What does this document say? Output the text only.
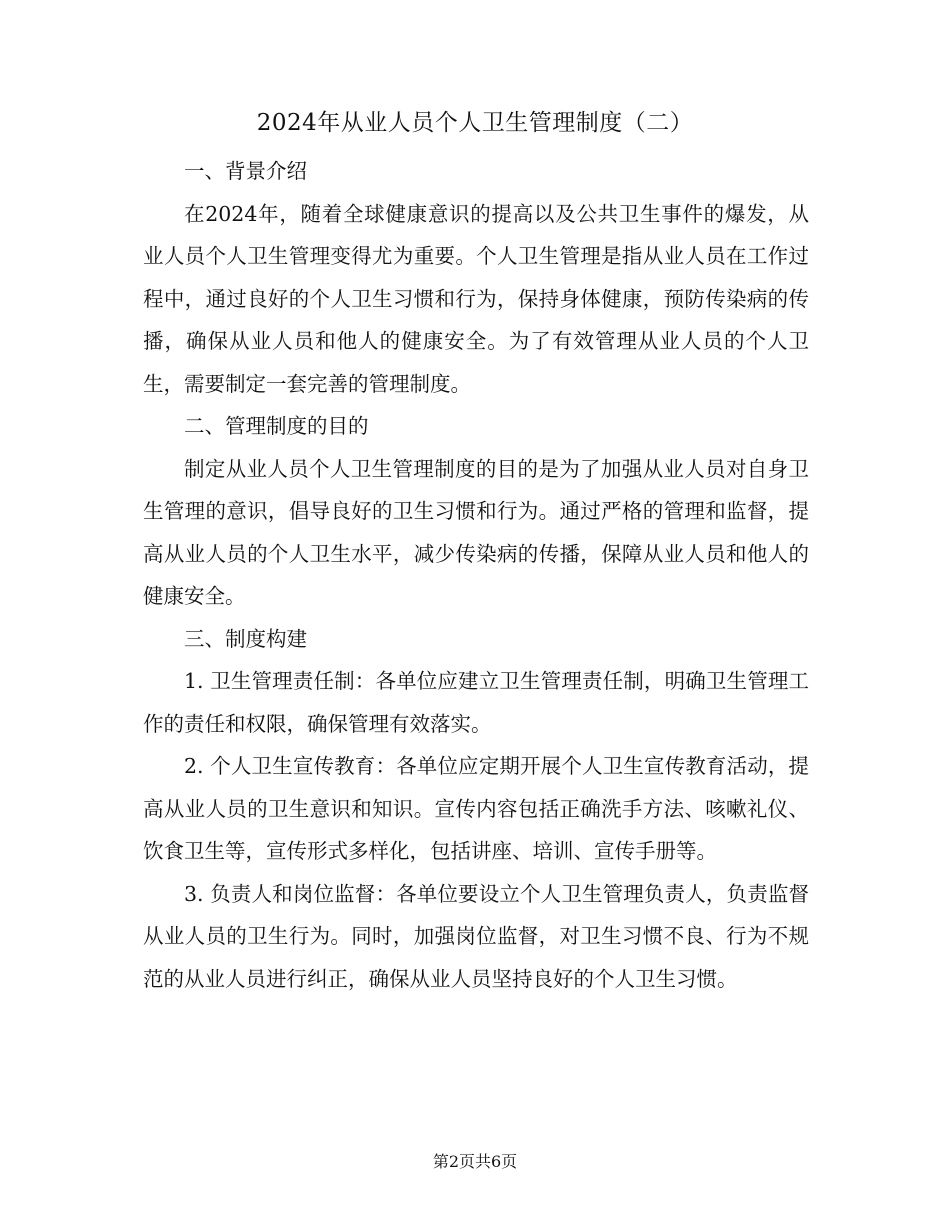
2024年从业人员个人卫生管理制度（二）

一、背景介绍

在2024年，随着全球健康意识的提高以及公共卫生事件的爆发，从业人员个人卫生管理变得尤为重要。个人卫生管理是指从业人员在工作过程中，通过良好的个人卫生习惯和行为，保持身体健康，预防传染病的传播，确保从业人员和他人的健康安全。为了有效管理从业人员的个人卫生，需要制定一套完善的管理制度。

二、管理制度的目的

制定从业人员个人卫生管理制度的目的是为了加强从业人员对自身卫生管理的意识，倡导良好的卫生习惯和行为。通过严格的管理和监督，提高从业人员的个人卫生水平，减少传染病的传播，保障从业人员和他人的健康安全。

三、制度构建

1. 卫生管理责任制：各单位应建立卫生管理责任制，明确卫生管理工作的责任和权限，确保管理有效落实。

2. 个人卫生宣传教育：各单位应定期开展个人卫生宣传教育活动，提高从业人员的卫生意识和知识。宣传内容包括正确洗手方法、咳嗽礼仪、饮食卫生等，宣传形式多样化，包括讲座、培训、宣传手册等。

3. 负责人和岗位监督：各单位要设立个人卫生管理负责人，负责监督从业人员的卫生行为。同时，加强岗位监督，对卫生习惯不良、行为不规范的从业人员进行纠正，确保从业人员坚持良好的个人卫生习惯。

第2页共6页
